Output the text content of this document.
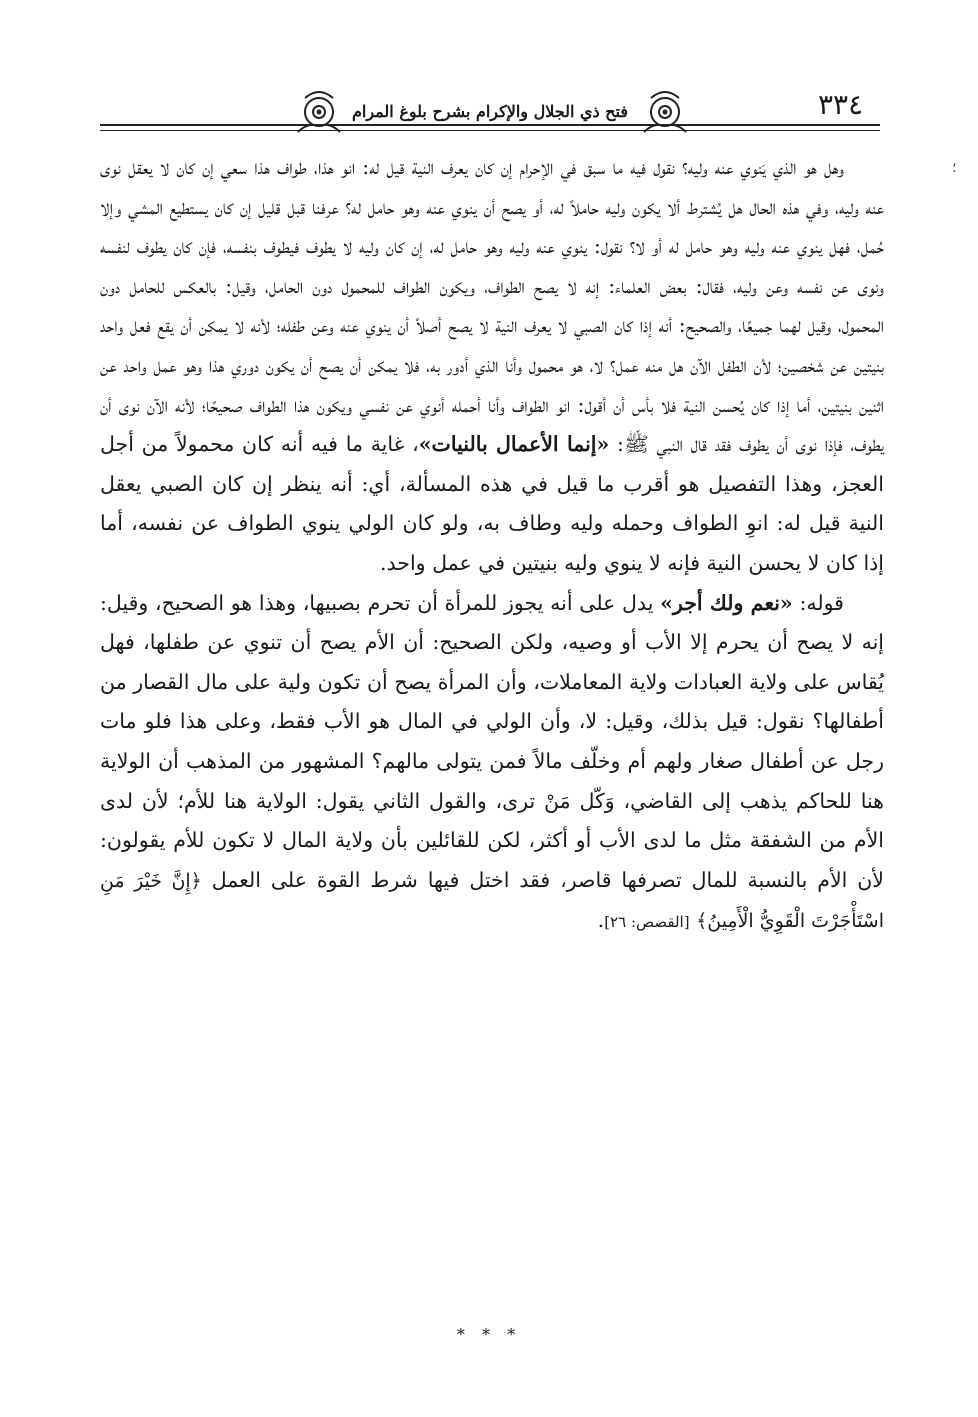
٣٣٤
فتح ذي الجلال والإكرام بشرح بلوغ المرام
؛

وهل هو الذي يَنوي عنه وليه؟ نقول فيه ما سبق في الإحرام إن كان يعرف النية قيل له: انو هذا، طواف هذا سعي إن كان لا يعقل نوى عنه وليه، وفي هذه الحال هل يُشترط ألا يكون وليه حاملاً له، أو يصح أن ينوي عنه وهو حامل له؟ عرفنا قبل قليل إن كان يستطيع المشي وإلا حُمل، فهل ينوي عنه وليه وهو حامل له أو لا؟ نقول: ينوي عنه وليه وهو حامل له، إن كان وليه لا يطوف فيطوف بنفسه، فإن كان يطوف لنفسه ونوى عن نفسه وعن وليه، فقال: بعض العلماء: إنه لا يصح الطواف، ويكون الطواف للمحمول دون الحامل، وقيل: بالعكس للحامل دون المحمول، وقيل لهما جميعًا، والصحيح: أنه إذا كان الصبي لا يعرف النية لا يصح أصلاً أن ينوي عنه وعن طفله؛ لأنه لا يمكن أن يقع فعل واحد بنيتين عن شخصين؛ لأن الطفل الآن هل منه عمل؟ لا، هو محمول وأنا الذي أدور به، فلا يمكن أن يصح أن يكون دوري هذا وهو عمل واحد عن اثنين بنيتين، أما إذا كان يُحسن النية فلا بأس أن أقول: انو الطواف وأنا أحمله أنوي عن نفسي ويكون هذا الطواف صحيحًا؛ لأنه الآن نوى أن يطوف، فإذا نوى أن يطوف فقد قال النبي ﷺ: «إنما الأعمال بالنيات»، غاية ما فيه أنه كان محمولاً من أجل العجز، وهذا التفصيل هو أقرب ما قيل في هذه المسألة، أي: أنه ينظر إن كان الصبي يعقل النية قيل له: انوِ الطواف وحمله وليه وطاف به، ولو كان الولي ينوي الطواف عن نفسه، أما إذا كان لا يحسن النية فإنه لا ينوي وليه بنيتين في عمل واحد.

قوله: «نعم ولك أجر» يدل على أنه يجوز للمرأة أن تحرم بصبيها، وهذا هو الصحيح، وقيل: إنه لا يصح أن يحرم إلا الأب أو وصيه، ولكن الصحيح: أن الأم يصح أن تنوي عن طفلها، فهل يُقاس على ولاية العبادات ولاية المعاملات، وأن المرأة يصح أن تكون ولية على مال القصار من أطفالها؟ نقول: قيل بذلك، وقيل: لا، وأن الولي في المال هو الأب فقط، وعلى هذا فلو مات رجل عن أطفال صغار ولهم أم وخلّف مالاً فمن يتولى مالهم؟ المشهور من المذهب أن الولاية هنا للحاكم يذهب إلى القاضي، وَكّل مَنْ ترى، والقول الثاني يقول: الولاية هنا للأم؛ لأن لدى الأم من الشفقة مثل ما لدى الأب أو أكثر، لكن للقائلين بأن ولاية المال لا تكون للأم يقولون: لأن الأم بالنسبة للمال تصرفها قاصر، فقد اختل فيها شرط القوة على العمل ﴿إِنَّ خَيْرَ مَنِ اسْتَأْجَرْتَ الْقَوِيُّ الْأَمِينُ﴾ [القصص: ٢٦].

* * *
